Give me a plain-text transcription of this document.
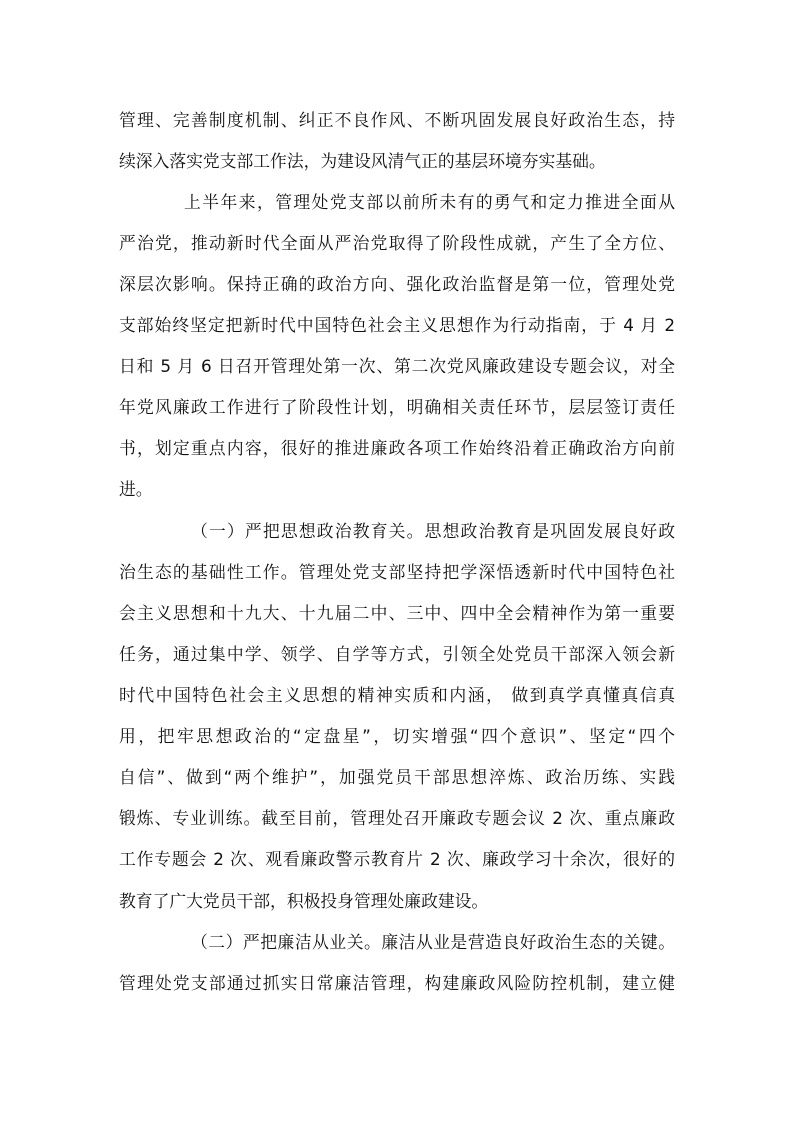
管理、完善制度机制、纠正不良作风、不断巩固发展良好政治生态，持
续深入落实党支部工作法，为建设风清气正的基层环境夯实基础。
上半年来，管理处党支部以前所未有的勇气和定力推进全面从
严治党，推动新时代全面从严治党取得了阶段性成就，产生了全方位、
深层次影响。保持正确的政治方向、强化政治监督是第一位，管理处党
支部始终坚定把新时代中国特色社会主义思想作为行动指南，于 4 月 2
日和 5 月 6 日召开管理处第一次、第二次党风廉政建设专题会议，对全
年党风廉政工作进行了阶段性计划，明确相关责任环节，层层签订责任
书，划定重点内容，很好的推进廉政各项工作始终沿着正确政治方向前
进。
（一）严把思想政治教育关。思想政治教育是巩固发展良好政
治生态的基础性工作。管理处党支部坚持把学深悟透新时代中国特色社
会主义思想和十九大、十九届二中、三中、四中全会精神作为第一重要
任务，通过集中学、领学、自学等方式，引领全处党员干部深入领会新
时代中国特色社会主义思想的精神实质和内涵， 做到真学真懂真信真
用，把牢思想政治的“定盘星”，切实增强“四个意识”、坚定“四个
自信”、做到“两个维护”，加强党员干部思想淬炼、政治历练、实践
锻炼、专业训练。截至目前，管理处召开廉政专题会议 2 次、重点廉政
工作专题会 2 次、观看廉政警示教育片 2 次、廉政学习十余次，很好的
教育了广大党员干部，积极投身管理处廉政建设。
（二）严把廉洁从业关。廉洁从业是营造良好政治生态的关键。
管理处党支部通过抓实日常廉洁管理，构建廉政风险防控机制，建立健
